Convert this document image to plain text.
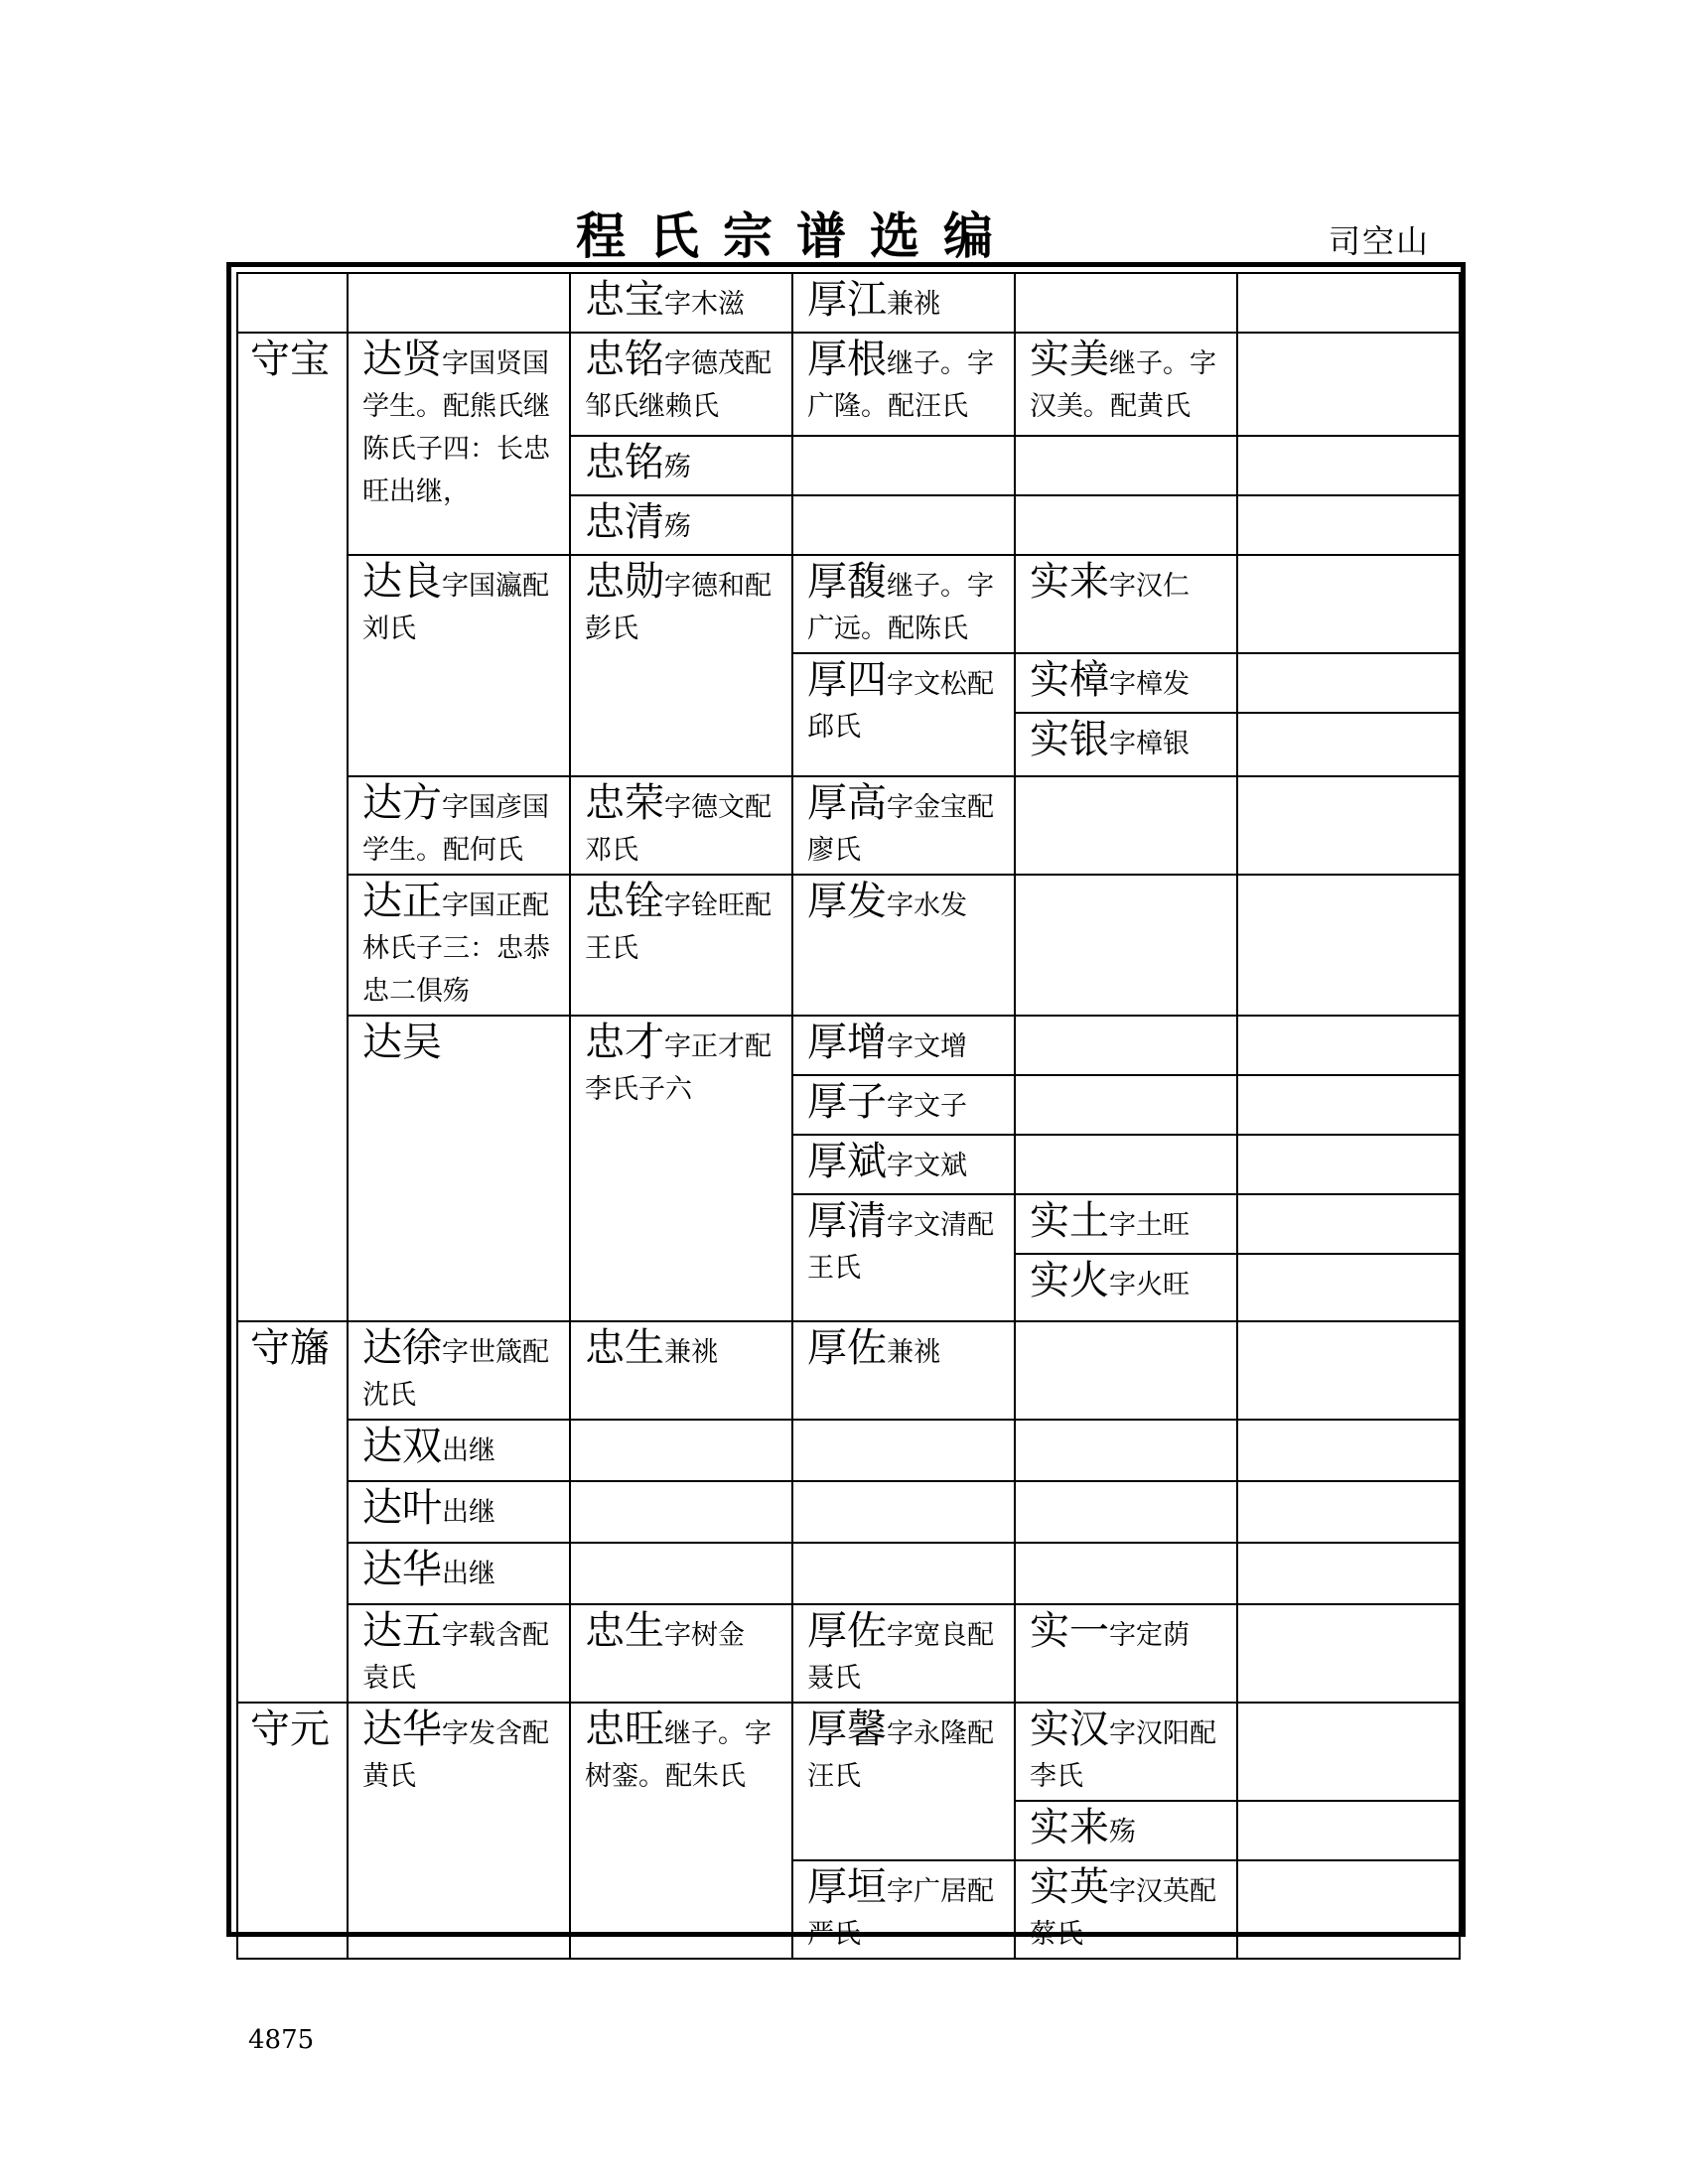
程氏宗谱选编	司空山
		忠宝字木滋	厚江兼祧		
守宝	达贤字国贤国学生。配熊氏继陈氏子四：长忠旺出继，	忠铭字德茂配邹氏继赖氏	厚根继子。字广隆。配汪氏	实美继子。字汉美。配黄氏	
		忠铭殇			
		忠清殇			
	达良字国瀛配刘氏	忠勋字德和配彭氏	厚馥继子。字广远。配陈氏	实来字汉仁	
			厚四字文松配邱氏	实樟字樟发	
				实银字樟银	
	达方字国彦国学生。配何氏	忠荣字德文配邓氏	厚高字金宝配廖氏		
	达正字国正配林氏子三：忠恭忠二俱殇	忠铨字铨旺配王氏	厚发字水发		
	达吴	忠才字正才配李氏子六	厚增字文增		
			厚子字文子		
			厚斌字文斌		
			厚清字文清配王氏	实土字土旺	
				实火字火旺	
守旛	达徐字世箴配沈氏	忠生兼祧	厚佐兼祧		
	达双出继				
	达叶出继				
	达华出继				
	达五字载含配袁氏	忠生字树金	厚佐字宽良配聂氏	实一字定荫	
守元	达华字发含配黄氏	忠旺继子。字树銮。配朱氏	厚馨字永隆配汪氏	实汉字汉阳配李氏	
				实来殇	
			厚垣字广居配严氏	实英字汉英配蔡氏	
4875
